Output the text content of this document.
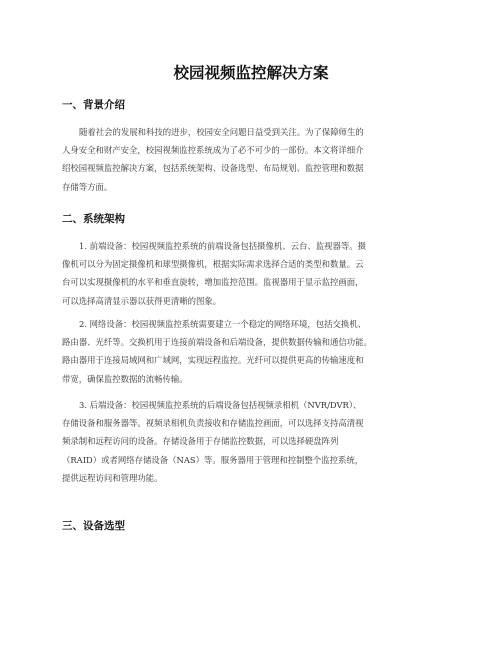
校园视频监控解决方案
一、背景介绍
随着社会的发展和科技的进步，校园安全问题日益受到关注。为了保障师生的
人身安全和财产安全，校园视频监控系统成为了必不可少的一部份。本文将详细介
绍校园视频监控解决方案，包括系统架构、设备选型、布局规划、监控管理和数据
存储等方面。
二、系统架构
1. 前端设备：校园视频监控系统的前端设备包括摄像机、云台、监视器等。摄
像机可以分为固定摄像机和球型摄像机，根据实际需求选择合适的类型和数量。云
台可以实现摄像机的水平和垂直旋转，增加监控范围。监视器用于显示监控画面，
可以选择高清显示器以获得更清晰的图象。
2. 网络设备：校园视频监控系统需要建立一个稳定的网络环境，包括交换机、
路由器、光纤等。交换机用于连接前端设备和后端设备，提供数据传输和通信功能。
路由器用于连接局域网和广域网，实现远程监控。光纤可以提供更高的传输速度和
带宽，确保监控数据的流畅传输。
3. 后端设备：校园视频监控系统的后端设备包括视频录相机（NVR/DVR）、
存储设备和服务器等。视频录相机负责接收和存储监控画面，可以选择支持高清视
频录制和远程访问的设备。存储设备用于存储监控数据，可以选择硬盘阵列
（RAID）或者网络存储设备（NAS）等。服务器用于管理和控制整个监控系统，
提供远程访问和管理功能。
三、设备选型
